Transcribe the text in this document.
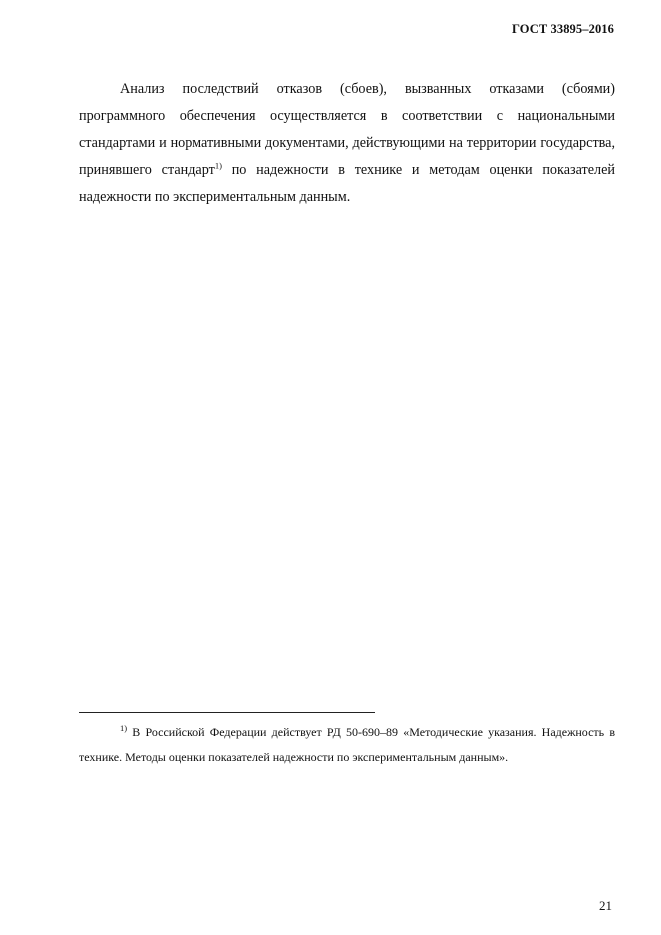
ГОСТ 33895–2016

Анализ последствий отказов (сбоев), вызванных отказами (сбоями) программного обеспечения осуществляется в соответствии с национальными стандартами и нормативными документами, действующими на территории государства, принявшего стандарт$^{1)}$ по надежности в технике и методам оценки показателей надежности по экспериментальным данным.

$^{1)}$ В Российской Федерации действует РД 50-690–89 «Методические указания. Надежность в технике. Методы оценки показателей надежности по экспериментальным данным».

21
